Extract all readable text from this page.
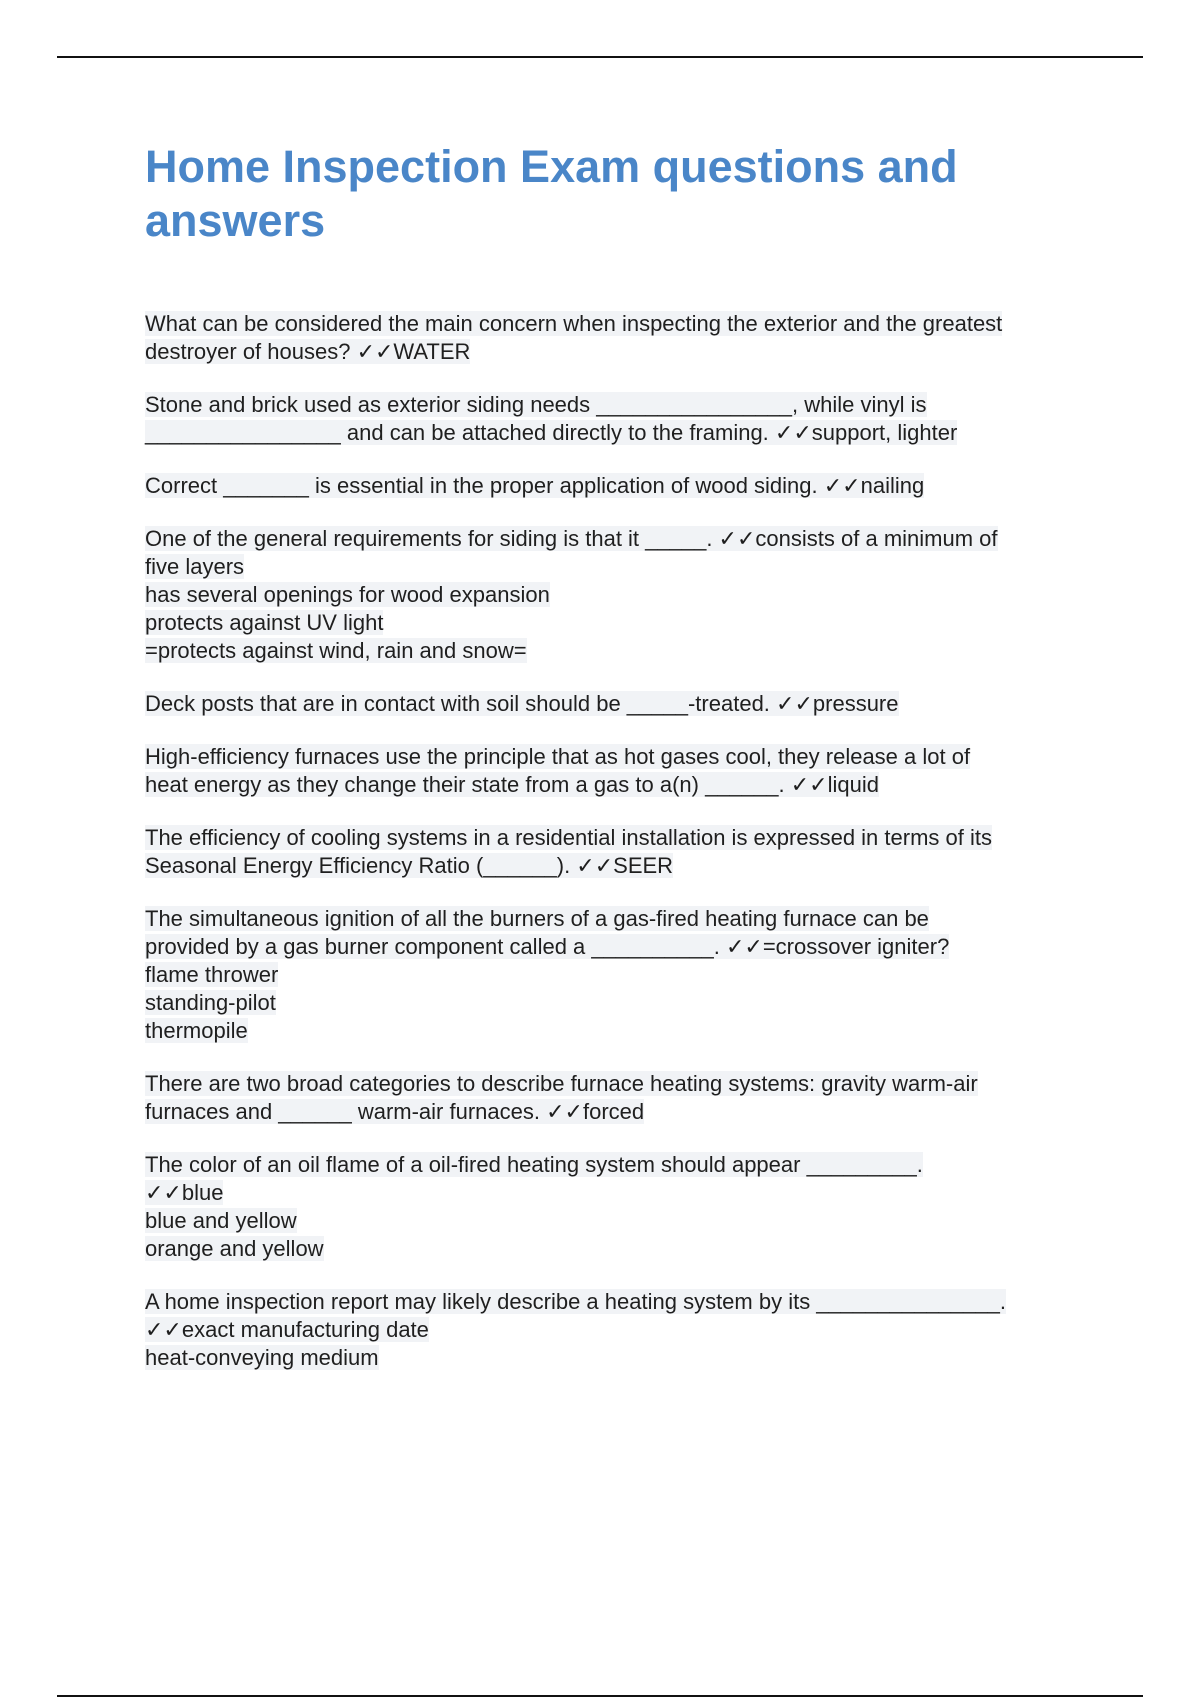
Home Inspection Exam questions and answers
What can be considered the main concern when inspecting the exterior and the greatest
destroyer of houses? ✓✓WATER
Stone and brick used as exterior siding needs ________________, while vinyl is
________________ and can be attached directly to the framing. ✓✓support, lighter
Correct _______ is essential in the proper application of wood siding. ✓✓nailing
One of the general requirements for siding is that it _____. ✓✓consists of a minimum of
five layers
has several openings for wood expansion
protects against UV light
=protects against wind, rain and snow=
Deck posts that are in contact with soil should be _____-treated. ✓✓pressure
High-efficiency furnaces use the principle that as hot gases cool, they release a lot of
heat energy as they change their state from a gas to a(n) ______. ✓✓liquid
The efficiency of cooling systems in a residential installation is expressed in terms of its
Seasonal Energy Efficiency Ratio (______). ✓✓SEER
The simultaneous ignition of all the burners of a gas-fired heating furnace can be
provided by a gas burner component called a __________. ✓✓=crossover igniter?
flame thrower
standing-pilot
thermopile
There are two broad categories to describe furnace heating systems: gravity warm-air
furnaces and ______ warm-air furnaces. ✓✓forced
The color of an oil flame of a oil-fired heating system should appear _________.
✓✓blue
blue and yellow
orange and yellow
A home inspection report may likely describe a heating system by its _______________.
✓✓exact manufacturing date
heat-conveying medium
